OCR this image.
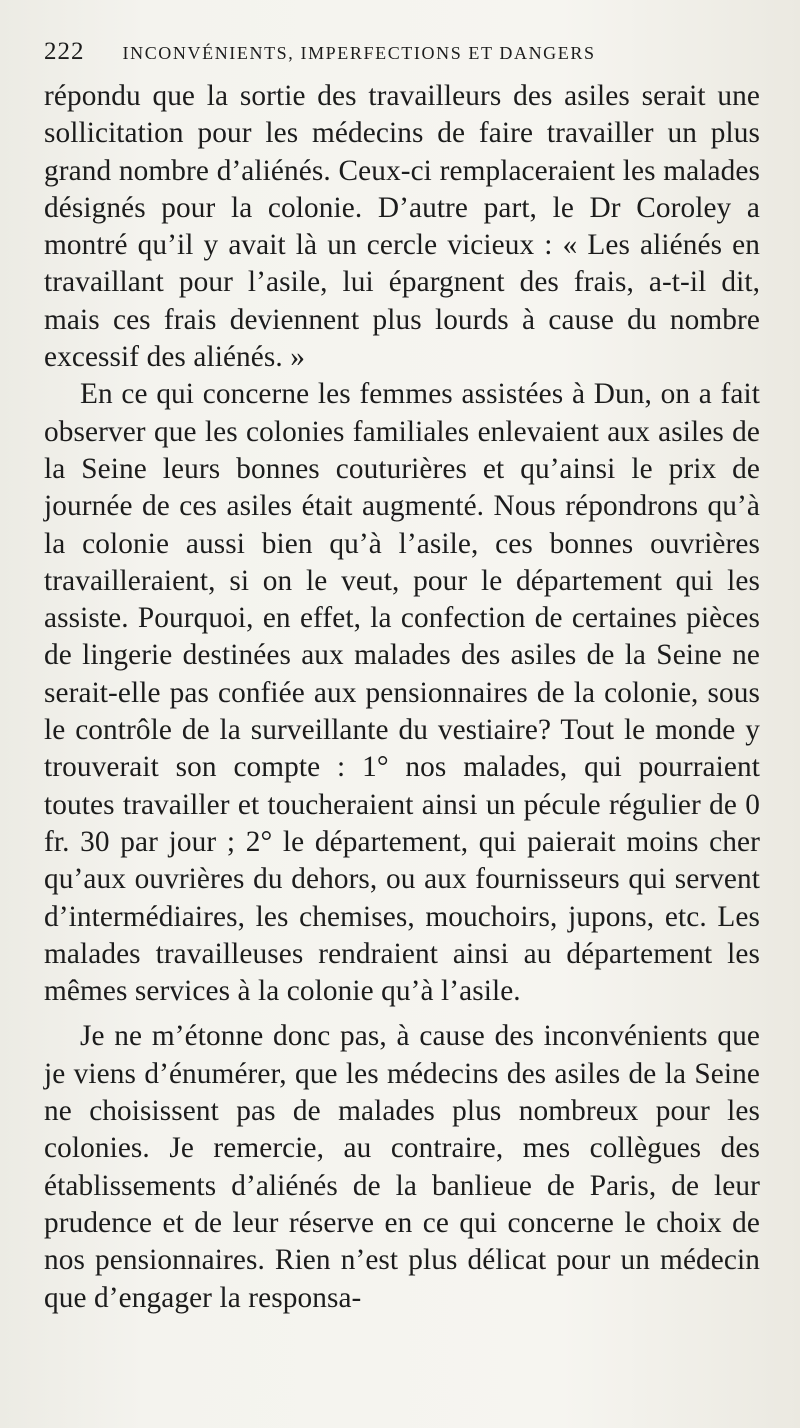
222 INCONVÉNIENTS, IMPERFECTIONS ET DANGERS

répondu que la sortie des travailleurs des asiles serait une sollicitation pour les médecins de faire travailler un plus grand nombre d’aliénés. Ceux-ci remplaceraient les malades désignés pour la colonie. D’autre part, le Dr Coroley a montré qu’il y avait là un cercle vicieux : « Les aliénés en travaillant pour l’asile, lui épargnent des frais, a-t-il dit, mais ces frais deviennent plus lourds à cause du nombre excessif des aliénés. »

En ce qui concerne les femmes assistées à Dun, on a fait observer que les colonies familiales enlevaient aux asiles de la Seine leurs bonnes couturières et qu’ainsi le prix de journée de ces asiles était augmenté. Nous répondrons qu’à la colonie aussi bien qu’à l’asile, ces bonnes ouvrières travailleraient, si on le veut, pour le département qui les assiste. Pourquoi, en effet, la confection de certaines pièces de lingerie destinées aux malades des asiles de la Seine ne serait-elle pas confiée aux pensionnaires de la colonie, sous le contrôle de la surveillante du vestiaire? Tout le monde y trouverait son compte : 1° nos malades, qui pourraient toutes travailler et toucheraient ainsi un pécule régulier de 0 fr. 30 par jour ; 2° le département, qui paierait moins cher qu’aux ouvrières du dehors, ou aux fournisseurs qui servent d’intermédiaires, les chemises, mouchoirs, jupons, etc. Les malades travailleuses rendraient ainsi au département les mêmes services à la colonie qu’à l’asile.

Je ne m’étonne donc pas, à cause des inconvénients que je viens d’énumérer, que les médecins des asiles de la Seine ne choisissent pas de malades plus nombreux pour les colonies. Je remercie, au contraire, mes collègues des établissements d’aliénés de la banlieue de Paris, de leur prudence et de leur réserve en ce qui concerne le choix de nos pensionnaires. Rien n’est plus délicat pour un médecin que d’engager la responsa-
